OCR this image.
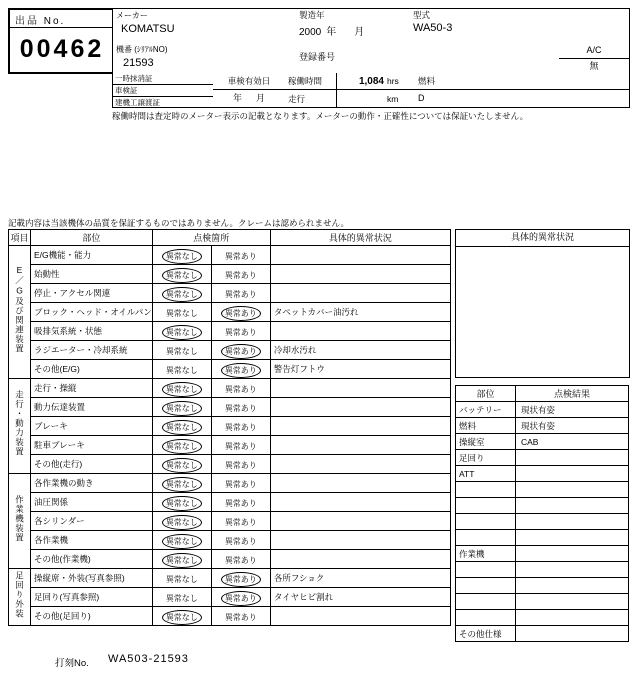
出品 No.
00462
メーカー
KOMATSU
製造年
2000 年 月
型式
WA50-3
機番 (ｼﾘｱﾙNO)
21593	登録番号
A/C
無
一時抹消証
車検証
建機工譲渡証
車検有効日
年 月
稼働時間	1,084 hrs
走行	km
燃料
D
稼働時間は査定時のメーター表示の記載となります。メーターの動作・正確性については保証いたしません。
記載内容は当該機体の品質を保証するものではありません。クレームは認められません。
項目	部位	点検箇所		具体的異常状況
E／G及び関連装置	E/G機能・能力	異常なし	異常あり	
	始動性	異常なし	異常あり	
	停止・アクセル関連	異常なし	異常あり	
	ブロック・ヘッド・オイルパン	異常なし	異常あり	タペットカバー油汚れ
	吸排気系統・状態	異常なし	異常あり	
	ラジエーター・冷却系統	異常なし	異常あり	冷却水汚れ
	その他(E/G)	異常なし	異常あり	警告灯フトウ
走行・動力装置	走行・操縦	異常なし	異常あり	
	動力伝達装置	異常なし	異常あり	
	ブレーキ	異常なし	異常あり	
	駐車ブレーキ	異常なし	異常あり	
	その他(走行)	異常なし	異常あり	
作業機装置	各作業機の動き	異常なし	異常あり	
	油圧関係	異常なし	異常あり	
	各シリンダー	異常なし	異常あり	
	各作業機	異常なし	異常あり	
	その他(作業機)	異常なし	異常あり	
足回り外装	操縦席・外装(写真参照)	異常なし	異常あり	各所フショク
	足回り(写真参照)	異常なし	異常あり	タイヤヒビ割れ
	その他(足回り)	異常なし	異常あり	
具体的異常状況
部位	点検結果
バッテリー	現状有姿
燃料	現状有姿
操縦室	CAB
足回り	
ATT	

作業機	

その他仕様	
打刻No. WA503-21593
